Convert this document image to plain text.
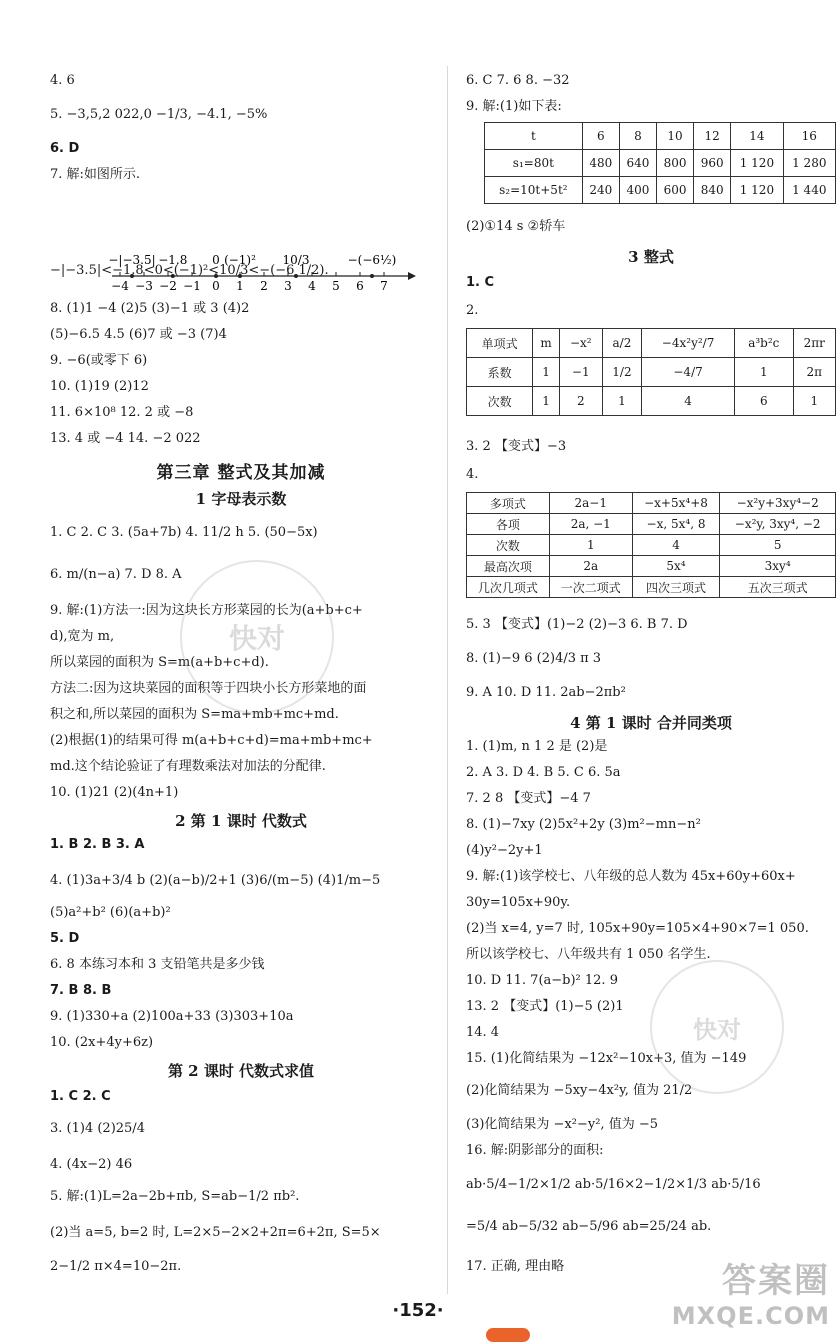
4. 6
5. −3,5,2 022,0 −1/3, −4.1, −5%
6. D
7. 解:如图所示.
−4 −3 −2 −1 0 1 2 3 4 5 6 7
−|−3.5| −1.8 0 (−1)² 10/3	−(−6½)
−|−3.5|<−1.8<0<(−1)²<10/3<−(−6 1/2).
8. (1)1 −4 (2)5 (3)−1 或 3 (4)2
(5)−6.5 4.5 (6)7 或 −3 (7)4
9. −6(或零下 6)
10. (1)19 (2)12
11. 6×10⁸ 12. 2 或 −8
13. 4 或 −4 14. −2 022
第三章 整式及其加减
1 字母表示数
1. C 2. C 3. (5a+7b) 4. 11/2 h 5. (50−5x)
6. m/(n−a) 7. D 8. A
9. 解:(1)方法一:因为这块长方形菜园的长为(a+b+c+
d),宽为 m,
所以菜园的面积为 S=m(a+b+c+d).
方法二:因为这块菜园的面积等于四块小长方形菜地的面
积之和,所以菜园的面积为 S=ma+mb+mc+md.
(2)根据(1)的结果可得 m(a+b+c+d)=ma+mb+mc+
md.这个结论验证了有理数乘法对加法的分配律.
10. (1)21 (2)(4n+1)
2 第 1 课时 代数式
1. B 2. B 3. A
4. (1)3a+3/4 b (2)(a−b)/2+1 (3)6/(m−5) (4)1/m−5
(5)a²+b² (6)(a+b)²
5. D
6. 8 本练习本和 3 支铅笔共是多少钱
7. B 8. B
9. (1)330+a (2)100a+33 (3)303+10a
10. (2x+4y+6z)
第 2 课时 代数式求值
1. C 2. C
3. (1)4 (2)25/4
4. (4x−2) 46
5. 解:(1)L=2a−2b+πb, S=ab−1/2 πb².
(2)当 a=5, b=2 时, L=2×5−2×2+2π=6+2π, S=5×
2−1/2 π×4=10−2π.
6. C 7. 6 8. −32
9. 解:(1)如下表:
t	6	8	10	12	14	16
s₁=80t	480	640	800	960	1 120	1 280
s₂=10t+5t²	240	400	600	840	1 120	1 440
(2)①14 s ②轿车
3 整式
1. C
2.
单项式	m	−x²	a/2	−4x²y²/7	a³b²c	2πr
系数	1	−1	1/2	−4/7	1	2π
次数	1	2	1	4	6	1
3. 2 【变式】−3
4.
多项式	2a−1	−x+5x⁴+8	−x²y+3xy⁴−2
各项	2a, −1	−x, 5x⁴, 8	−x²y, 3xy⁴, −2
次数	1	4	5
最高次项	2a	5x⁴	3xy⁴
几次几项式	一次二项式	四次三项式	五次三项式
5. 3 【变式】(1)−2 (2)−3 6. B 7. D
8. (1)−9 6 (2)4/3 π 3
9. A 10. D 11. 2ab−2πb²
4 第 1 课时 合并同类项
1. (1)m, n 1 2 是 (2)是
2. A 3. D 4. B 5. C 6. 5a
7. 2 8 【变式】−4 7
8. (1)−7xy (2)5x²+2y (3)m²−mn−n²
(4)y²−2y+1
9. 解:(1)该学校七、八年级的总人数为 45x+60y+60x+
30y=105x+90y.
(2)当 x=4, y=7 时, 105x+90y=105×4+90×7=1 050.
所以该学校七、八年级共有 1 050 名学生.
10. D 11. 7(a−b)² 12. 9
13. 2 【变式】(1)−5 (2)1
14. 4
15. (1)化简结果为 −12x²−10x+3, 值为 −149
(2)化简结果为 −5xy−4x²y, 值为 21/2
(3)化简结果为 −x²−y², 值为 −5
16. 解:阴影部分的面积:
ab·5/4−1/2×1/2 ab·5/16×2−1/2×1/3 ab·5/16
=5/4 ab−5/32 ab−5/96 ab=25/24 ab.
17. 正确, 理由略
快对
快对
·152·
答案圈
MXQE.COM
